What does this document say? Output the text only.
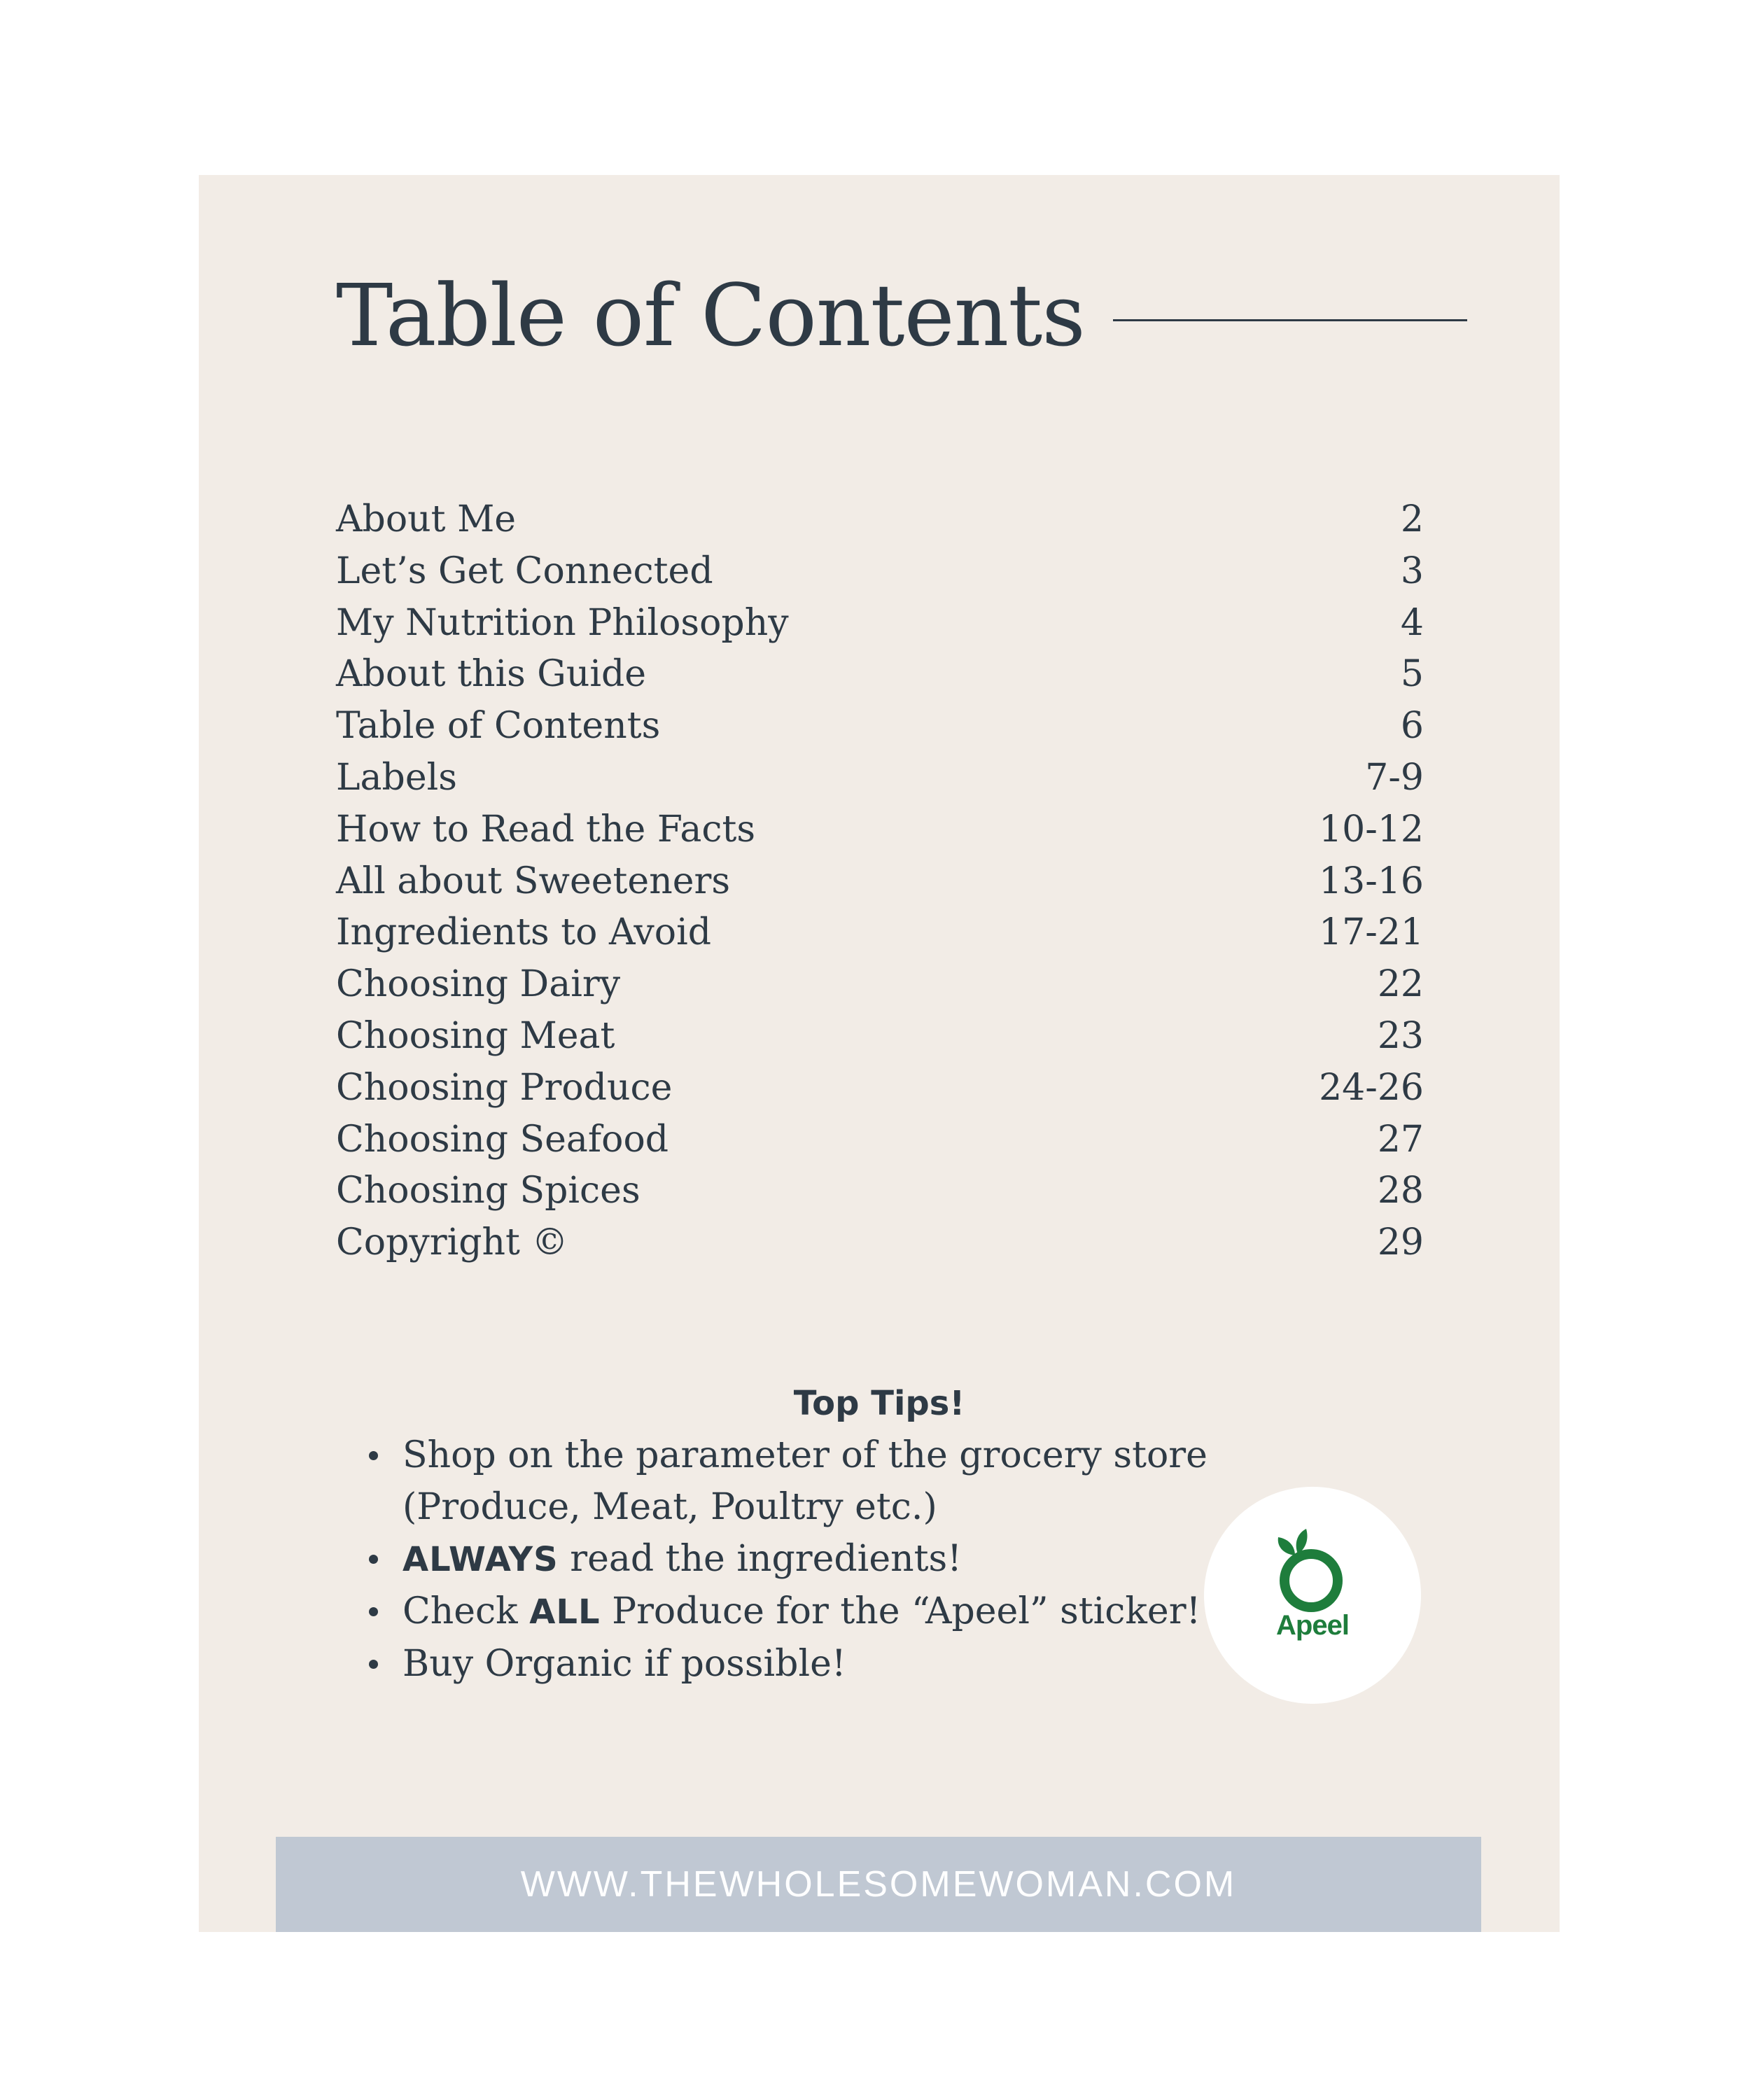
Table of Contents
About Me	2
Let’s Get Connected	3
My Nutrition Philosophy	4
About this Guide	5
Table of Contents	6
Labels	7-9
How to Read the Facts	10-12
All about Sweeteners	13-16
Ingredients to Avoid	17-21
Choosing Dairy	22
Choosing Meat	23
Choosing Produce	24-26
Choosing Seafood	27
Choosing Spices	28
Copyright ©	29
Top Tips!
Shop on the parameter of the grocery store (Produce, Meat, Poultry etc.)
ALWAYS read the ingredients!
Check ALL Produce for the “Apeel” sticker!
Buy Organic if possible!
Apeel
WWW.THEWHOLESOMEWOMAN.COM
